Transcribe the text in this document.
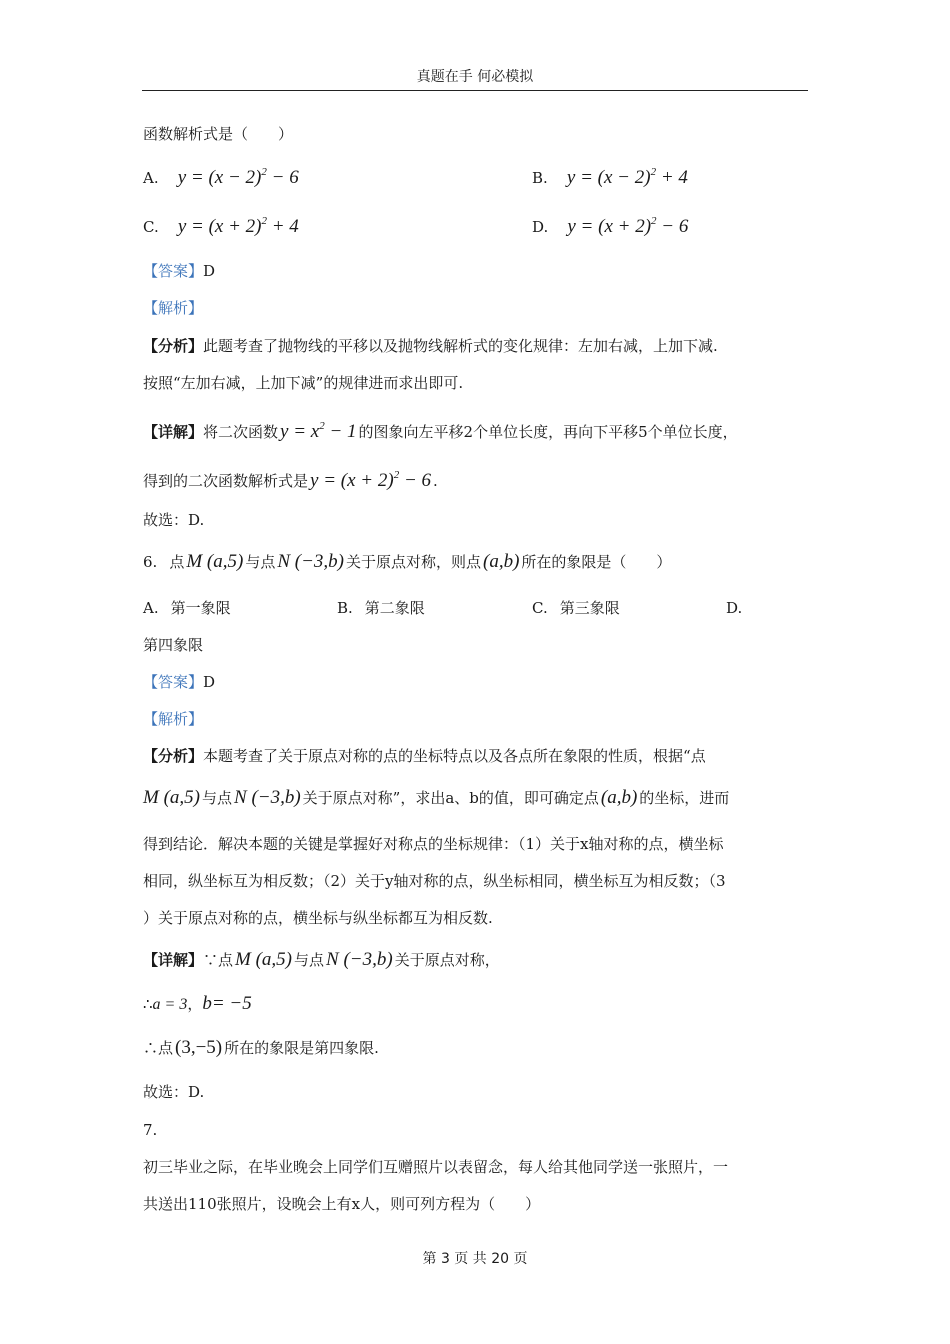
真题在手 何必模拟
函数解析式是（　　）
A. $y = (x - 2)^2 - 6$	B. $y = (x - 2)^2 + 4$
C. $y = (x + 2)^2 + 4$	D. $y = (x + 2)^2 - 6$
【答案】D
【解析】
【分析】此题考查了抛物线的平移以及抛物线解析式的变化规律：左加右减，上加下减.
按照“左加右减，上加下减”的规律进而求出即可.
【详解】将二次函数 $y = x^2 - 1$ 的图象向左平移2个单位长度，再向下平移5个单位长度，
得到的二次函数解析式是 $y = (x + 2)^2 - 6$ .
故选：D.
6. 点 M (a,5) 与点 N (−3,b) 关于原点对称，则点 (a,b) 所在的象限是（　　）
A. 第一象限	B. 第二象限	C. 第三象限	D.
第四象限
【答案】D
【解析】
【分析】本题考查了关于原点对称的点的坐标特点以及各点所在象限的性质，根据“点
M (a,5) 与点 N (−3,b) 关于原点对称”，求出a、b的值，即可确定点 (a,b) 的坐标，进而
得到结论．解决本题的关键是掌握好对称点的坐标规律：（1）关于x轴对称的点，横坐标
相同，纵坐标互为相反数；（2）关于y轴对称的点，纵坐标相同，横坐标互为相反数；（3
）关于原点对称的点，横坐标与纵坐标都互为相反数.
【详解】∵点 M (a,5) 与点 N (−3,b) 关于原点对称，
∴a = 3，b= −5
∴点 (3,−5) 所在的象限是第四象限.
故选：D.
7.
初三毕业之际，在毕业晚会上同学们互赠照片以表留念，每人给其他同学送一张照片，一
共送出110张照片，设晚会上有x人，则可列方程为（　　）
第 3 页 共 20 页
